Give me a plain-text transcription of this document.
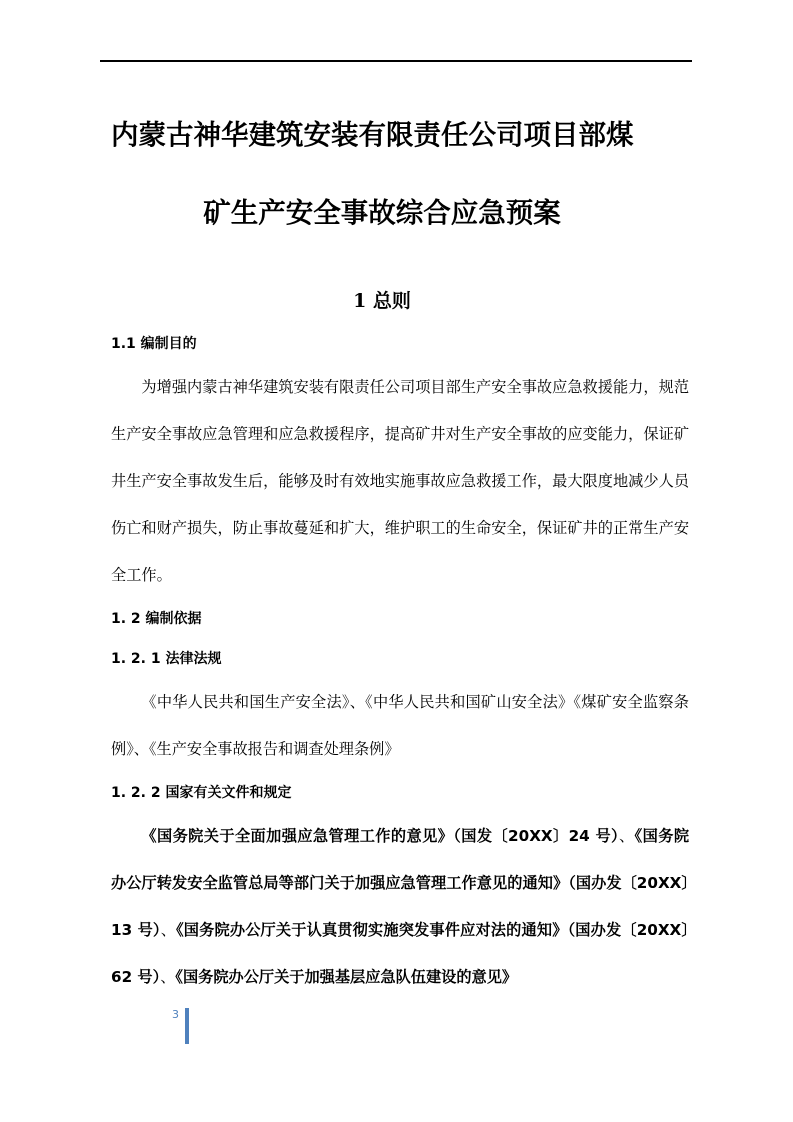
内蒙古神华建筑安装有限责任公司项目部煤
矿生产安全事故综合应急预案
1 总则
1.1 编制目的

为增强内蒙古神华建筑安装有限责任公司项目部生产安全事故应急救援能力，规范生产安全事故应急管理和应急救援程序，提高矿井对生产安全事故的应变能力，保证矿井生产安全事故发生后，能够及时有效地实施事故应急救援工作，最大限度地减少人员伤亡和财产损失，防止事故蔓延和扩大，维护职工的生命安全，保证矿井的正常生产安全工作。

1. 2 编制依据
1. 2. 1 法律法规

《中华人民共和国生产安全法》、《中华人民共和国矿山安全法》《煤矿安全监察条例》、《生产安全事故报告和调查处理条例》

1. 2. 2 国家有关文件和规定

《国务院关于全面加强应急管理工作的意见》（国发〔20XX〕24 号）、《国务院办公厅转发安全监管总局等部门关于加强应急管理工作意见的通知》（国办发〔20XX〕13 号）、《国务院办公厅关于认真贯彻实施突发事件应对法的通知》（国办发〔20XX〕62 号）、《国务院办公厅关于加强基层应急队伍建设的意见》

3
